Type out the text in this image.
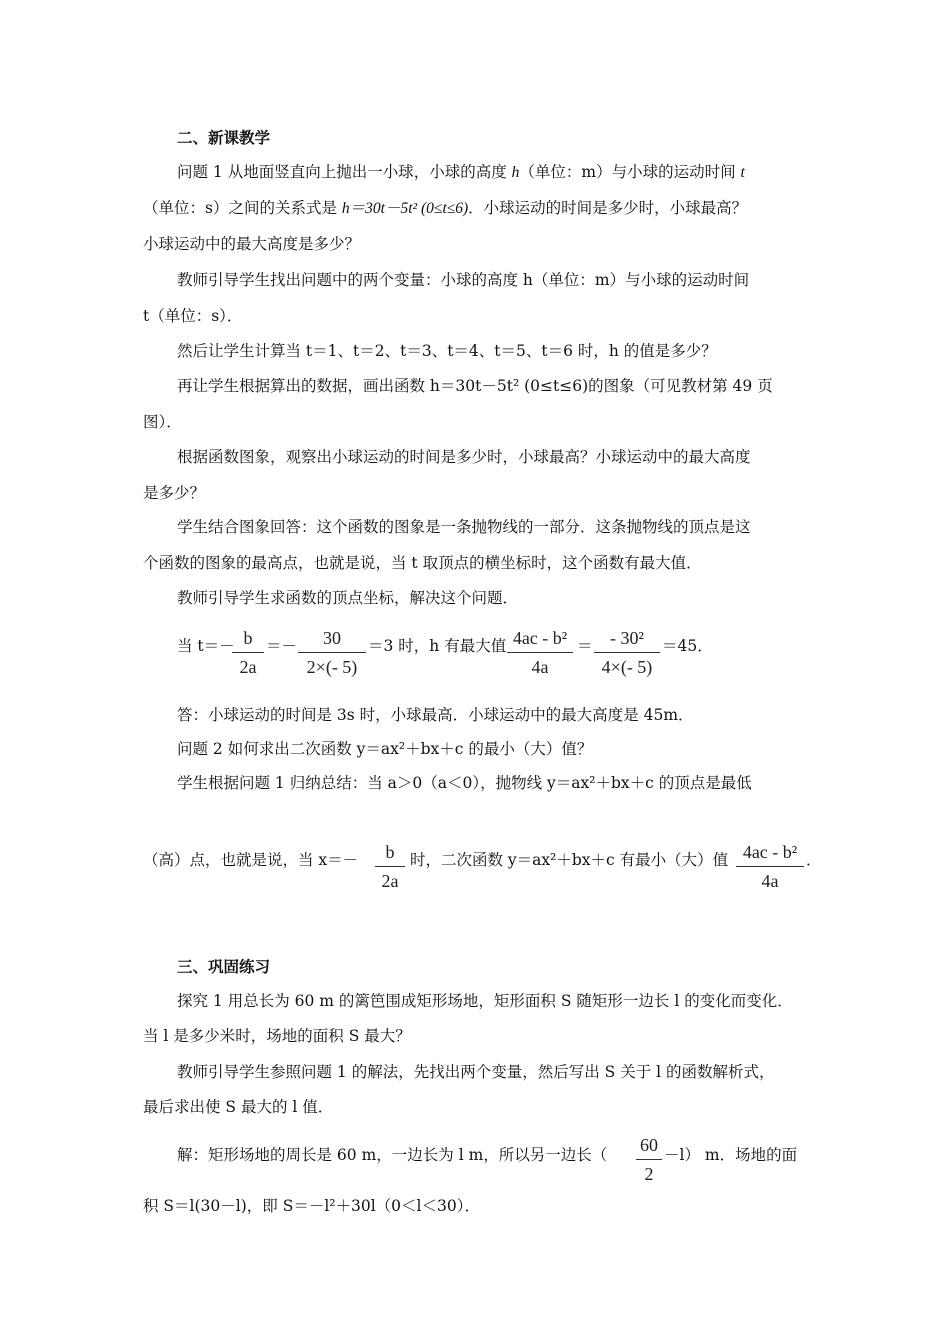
二、新课教学
问题 1 从地面竖直向上抛出一小球，小球的高度 h（单位：m）与小球的运动时间 t
（单位：s）之间的关系式是 h＝30t－5t² (0≤t≤6)．小球运动的时间是多少时，小球最高？
小球运动中的最大高度是多少？
教师引导学生找出问题中的两个变量：小球的高度 h（单位：m）与小球的运动时间
t（单位：s）．
然后让学生计算当 t＝1、t＝2、t＝3、t＝4、t＝5、t＝6 时，h 的值是多少？
再让学生根据算出的数据，画出函数 h＝30t－5t² (0≤t≤6)的图象（可见教材第 49 页
图）．
根据函数图象，观察出小球运动的时间是多少时，小球最高？小球运动中的最大高度
是多少？
学生结合图象回答：这个函数的图象是一条抛物线的一部分．这条抛物线的顶点是这
个函数的图象的最高点，也就是说，当 t 取顶点的横坐标时，这个函数有最大值．
教师引导学生求函数的顶点坐标，解决这个问题．
当 t＝－ b
2a
＝－	30
2×(- 5)
＝3 时，h 有最大值 4ac - b²
4a
＝ - 30²
4×(- 5)
＝45．
答：小球运动的时间是 3s 时，小球最高．小球运动中的最大高度是 45m．
问题 2 如何求出二次函数 y＝ax²＋bx＋c 的最小（大）值？
学生根据问题 1 归纳总结：当 a＞0（a＜0），抛物线 y＝ax²＋bx＋c 的顶点是最低
（高）点，也就是说，当 x＝－	b
2a
时，二次函数 y＝ax²＋bx＋c 有最小（大）值 4ac - b²
4a
．
三、巩固练习
探究 1 用总长为 60 m 的篱笆围成矩形场地，矩形面积 S 随矩形一边长 l 的变化而变化．
当 l 是多少米时，场地的面积 S 最大？
教师引导学生参照问题 1 的解法，先找出两个变量，然后写出 S 关于 l 的函数解析式，
最后求出使 S 最大的 l 值．
解：矩形场地的周长是 60 m，一边长为 l m，所以另一边长（ 60
2
－l） m．场地的面
积 S＝l(30－l)，即 S＝－l²＋30l（0＜l＜30）．
